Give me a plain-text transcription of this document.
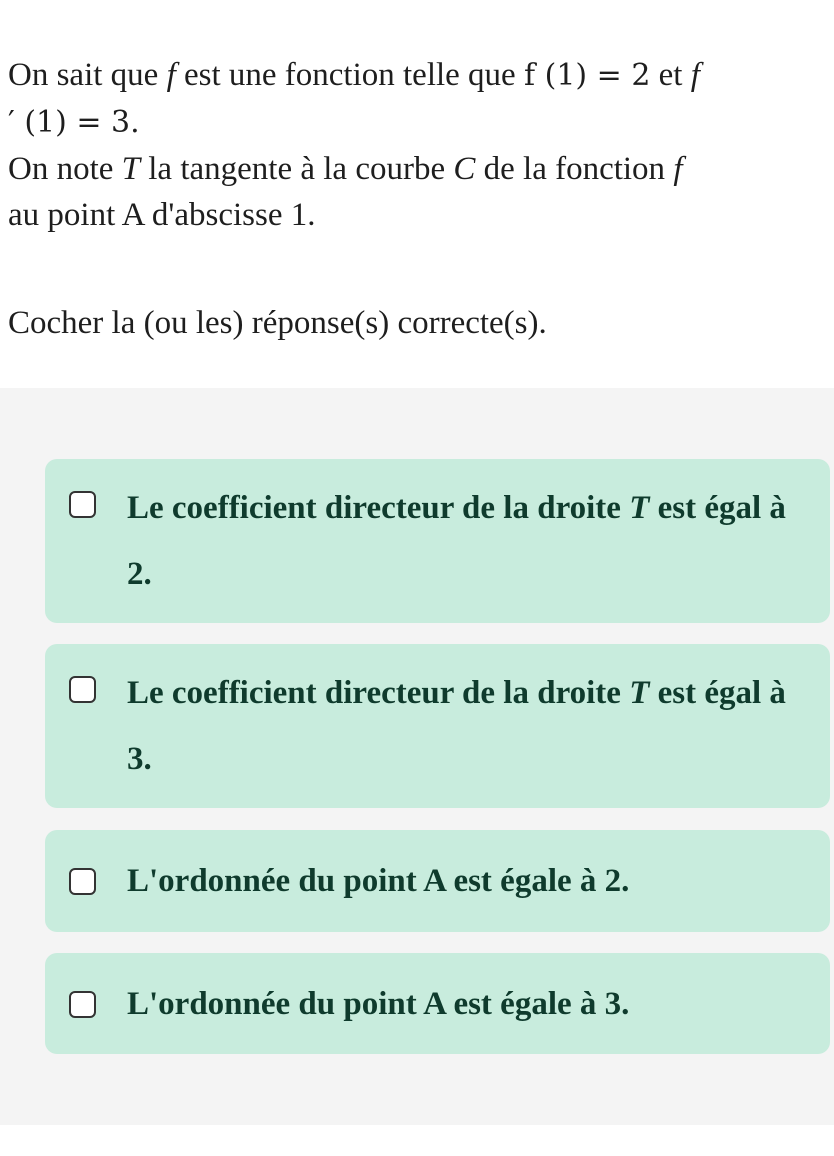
On sait que f est une fonction telle que f (1) = 2 et f

′ (1) = 3.

On note T la tangente à la courbe C de la fonction f

au point A d'abscisse 1.

Cocher la (ou les) réponse(s) correcte(s).

Le coefficient directeur de la droite T est égal à 2.
Le coefficient directeur de la droite T est égal à 3.
L'ordonnée du point A est égale à 2.
L'ordonnée du point A est égale à 3.
